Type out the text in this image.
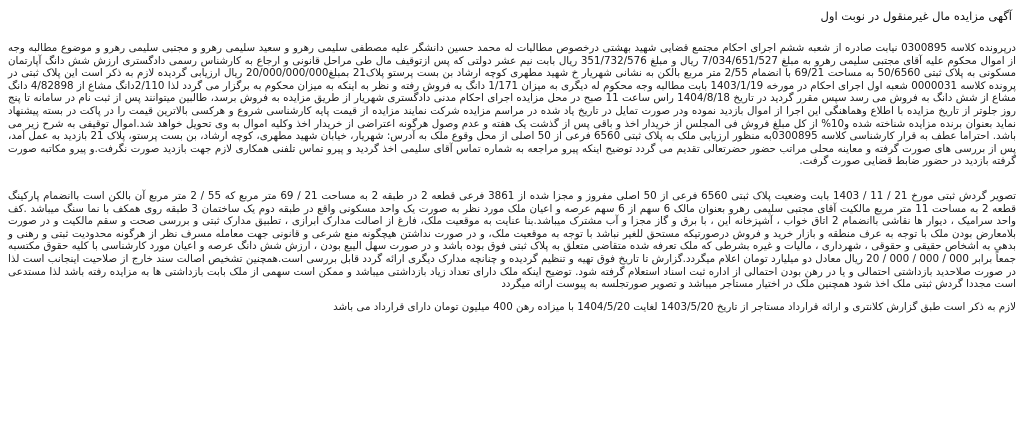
آگهی مزایده مال غیرمنقول در نوبت اول

درپرونده کلاسه 0300895 نیابت صادره از شعبه ششم اجرای احکام مجتمع قضایی شهید بهشتی درخصوص مطالبات له محمد حسین دانشگر علیه مصطفی سلیمی رهرو و سعید سلیمی رهرو و مجتبی سلیمی رهرو و موضوع مطالبه وجه از اموال محکوم علیه آقای مجتبی سلیمی رهرو به مبلغ 7/034/651/527 ریال و مبلغ 351/732/576 ریال بابت نیم عشر دولتی که پس ازتوقیف مال طی مراحل قانونی و ارجاع به کارشناس رسمی دادگستری ارزش شش دانگ آپارتمان مسکونی به پلاک ثبتی 50/6560 به مساحت 69/21 با انضمام 2/55 متر مربع بالکن به نشانی شهریار خ شهید مطهری کوچه ارشاد بن بست پرستو پلاک21 بمبلغ20/000/000/000 ریال ارزیابی گردیده لازم به ذکر است این پلاک ثبتی در پرونده کلاسه 0000031 شعبه اول اجرای احکام در مورخه 1403/1/19 بابت مطالبه وجه محکوم له دیگری به میزان 1/171 دانگ به فروش رفته و نظر به اینکه به میزان محکوم به برگزار می گردد لذا 2/110دانگ مشاع از 4/82898 دانگ مشاع از شش دانگ به فروش می رسد سپس مقرر گردید در تاریخ 1404/8/18 راس ساعت 11 صبح در محل مزایده اجرای احکام مدنی دادگستری شهریار از طریق مزایده به فروش برسد، طالبین میتوانند پس از ثبت نام در سامانه تا پنج روز جلوتر از تاریخ مزایده با اطلاع وهماهنگی این اجرا از اموال بازدید نموده ودر صورت تمایل در تاریخ یاد شده در مراسم مزایده شرکت نمایند مزایده از قیمت پایه کارشناسی شروع و هرکسی بالاترین قیمت را در پاکت در بسته پیشنهاد نماید بعنوان برنده مزایده شناخته شده و10% از کل مبلغ فروش فی المجلس از خریدار اخذ و باقی پس از گذشت یک هفته و عدم وصول هرگونه اعتراضی از خریدار اخذ وکلیه اموال به وی تحویل خواهد شد.اموال توقیفی به شرح زیر می باشد. احتراما عطف به قرار کارشناسی کلاسه 0300895به منظور ارزیابی ملک به پلاک ثبتی 6560 فرعی از 50 اصلی از محل وقوع ملک به آدرس: شهریار، خیابان شهید مطهری، کوچه ارشاد، بن بست پرستو، پلاک 21 بازدید به عمل آمد، پس از بررسی های صورت گرفته و معاینه محلی مراتب حضور حضرتعالی تقدیم می گردد توضیح اینکه پیرو مراجعه به شماره تماس آقای سلیمی اخذ گردید و پیرو تماس تلفنی همکاری لازم جهت بازدید صورت نگرفت.و پیرو مکاتبه صورت گرفته بازدید در حضور ضابط قضایی صورت گرفت.

تصویر گردش ثبتی مورخ 21 / 11 / 1403 بابت وضعیت پلاک ثبتی 6560 فرعی از 50 اصلی مفروز و مجزا شده از 3861 فرعی قطعه 2 در طبقه 2 به مساحت 21 / 69 متر مربع که 55 / 2 متر مربع آن بالکن است باانضمام پارکینگ قطعه 2 به مساحت 11 متر مربع مالکیت آقای مجتبی سلیمی رهرو بعنوان مالک 6 سهم از 6 سهم عرصه و اعیان ملک مورد نظر به صورت یک واحد مسکونی واقع در طبقه دوم یک ساختمان 3 طبقه روی همکف با نما سنگ میباشد .کف واحد سرامیک ، دیوار ها نقاشی باانضمام 2 اتاق خواب ، آشپزخانه این ، با برق و گاز مجزا و آب مشترک میباشد.بنا عنایت به موقعیت ملک، فارغ از اصالت مدارک ابرازی ، تطبیق مدارک ثبتی و بررسی صحت و سقم مالکیت و در صورت بلامعارض بودن ملک با توجه به عرف منطقه و بازار خرید و فروش درصورتیکه مستحق للغیر نباشد با توجه به موقعیت ملک، و در صورت نداشتن هیچگونه منع شرعی و قانونی جهت معامله مسرف نظر از هرگونه محدودیت ثبتی و رهنی و بدهی به اشخاص حقیقی و حقوقی ، شهرداری ، مالیات و غیره بشرطی که ملک تعرفه شده متقاضی متعلق به پلاک ثبتی فوق بوده باشد و در صورت سهل الیبع بودن ، ارزش شش دانگ عرصه و اعیان مورد کارشناسی با کلیه حقوق مکتسبه جمعاً برابر 000 / 000 / 000 / 20 ریال معادل دو میلیارد تومان اعلام میگردد.گزارش تا تاریخ فوق تهیه و تنظیم گردیده و چنانچه مدارک دیگری ارائه گردد قابل بررسی است.همچنین تشخیص اصالت سند خارج از صلاحیت اینجانب است لذا در صورت صلاحدید بازداشتی احتمالی و یا در رهن بودن احتمالی از اداره ثبت اسناد استعلام گرفته شود. توضیح اینکه ملک دارای تعداد زیاد بازداشتی میباشد و ممکن است سهمی از ملک بابت بازداشتی ها به مزایده رفته باشد لذا مستدعی است مجددا گردش ثبتی ملک اخذ شود همچنین ملک در اختیار مستاجر میباشد و تصویر صورتجلسه به پیوست ارائه میگردد

لازم به ذکر است طبق گزارش کلانتری و ارائه قرارداد مستاجر از تاریخ 1403/5/20 لغایت 1404/5/20 با میزاده رهن 400 میلیون تومان دارای قرارداد می باشد
